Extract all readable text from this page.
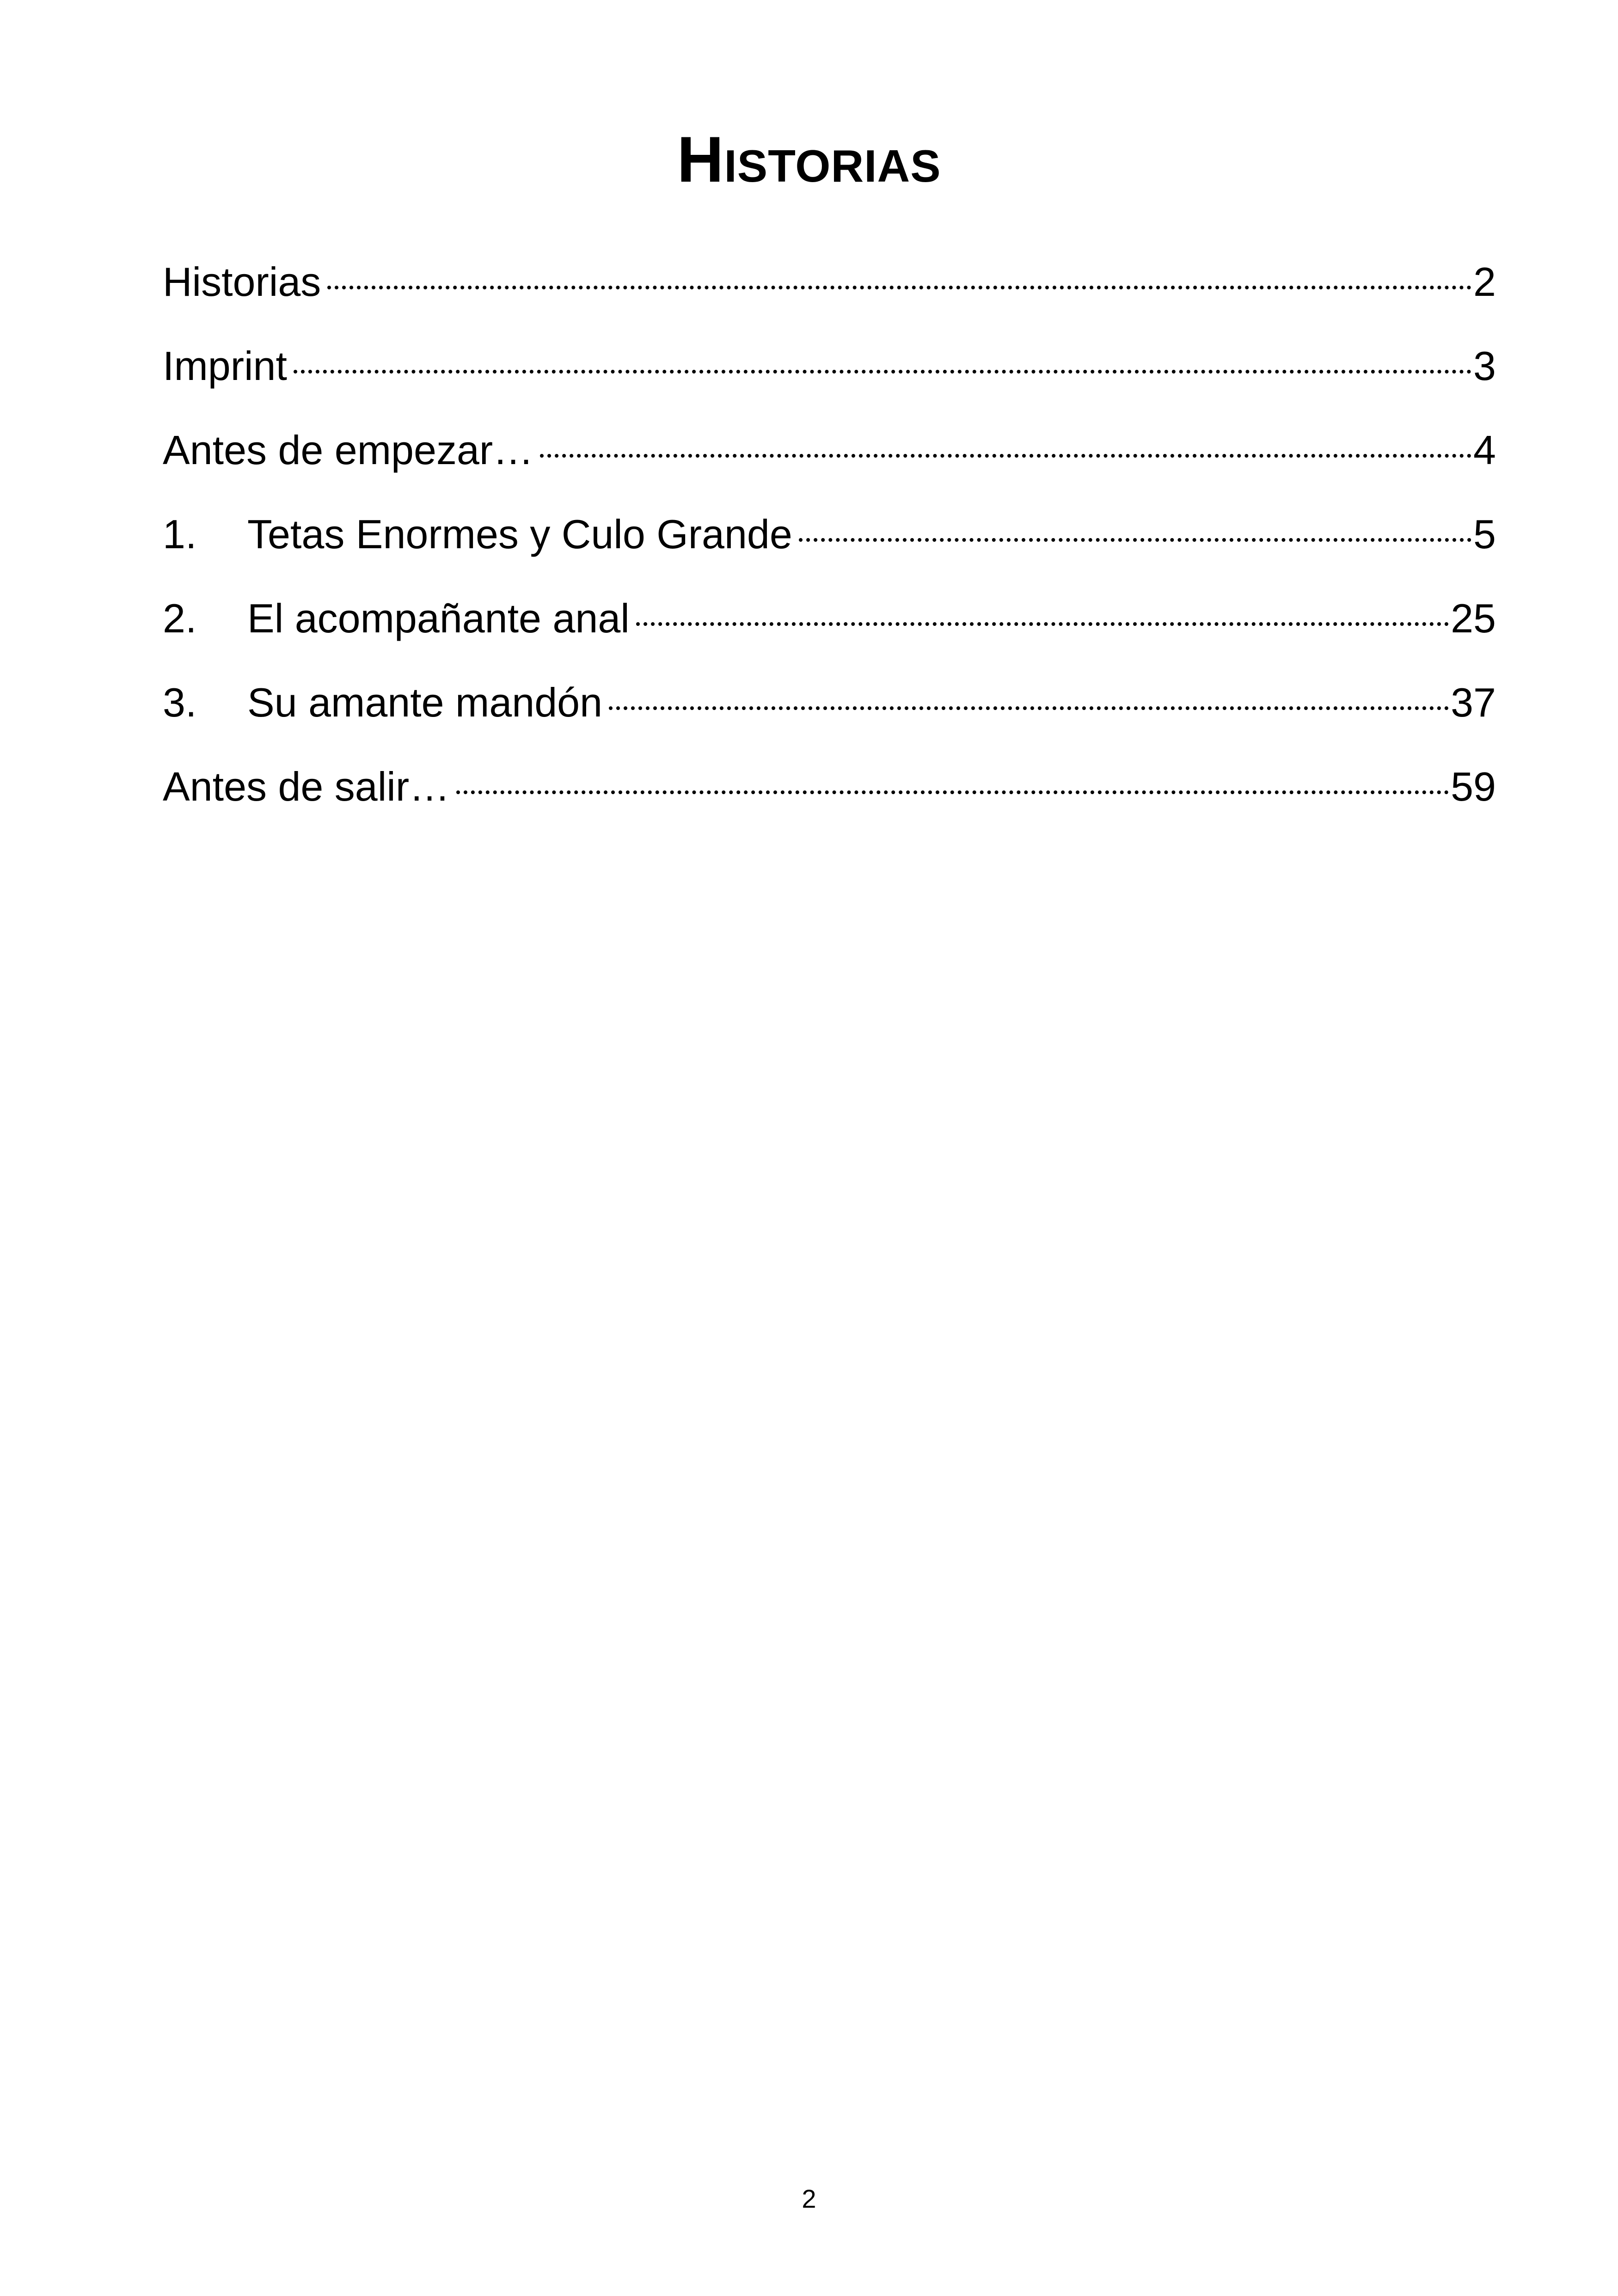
Historias
Historias	2
Imprint	3
Antes de empezar…	4
1.	Tetas Enormes y Culo Grande	5
2.	El acompañante anal	25
3.	Su amante mandón	37
Antes de salir…	59
2
